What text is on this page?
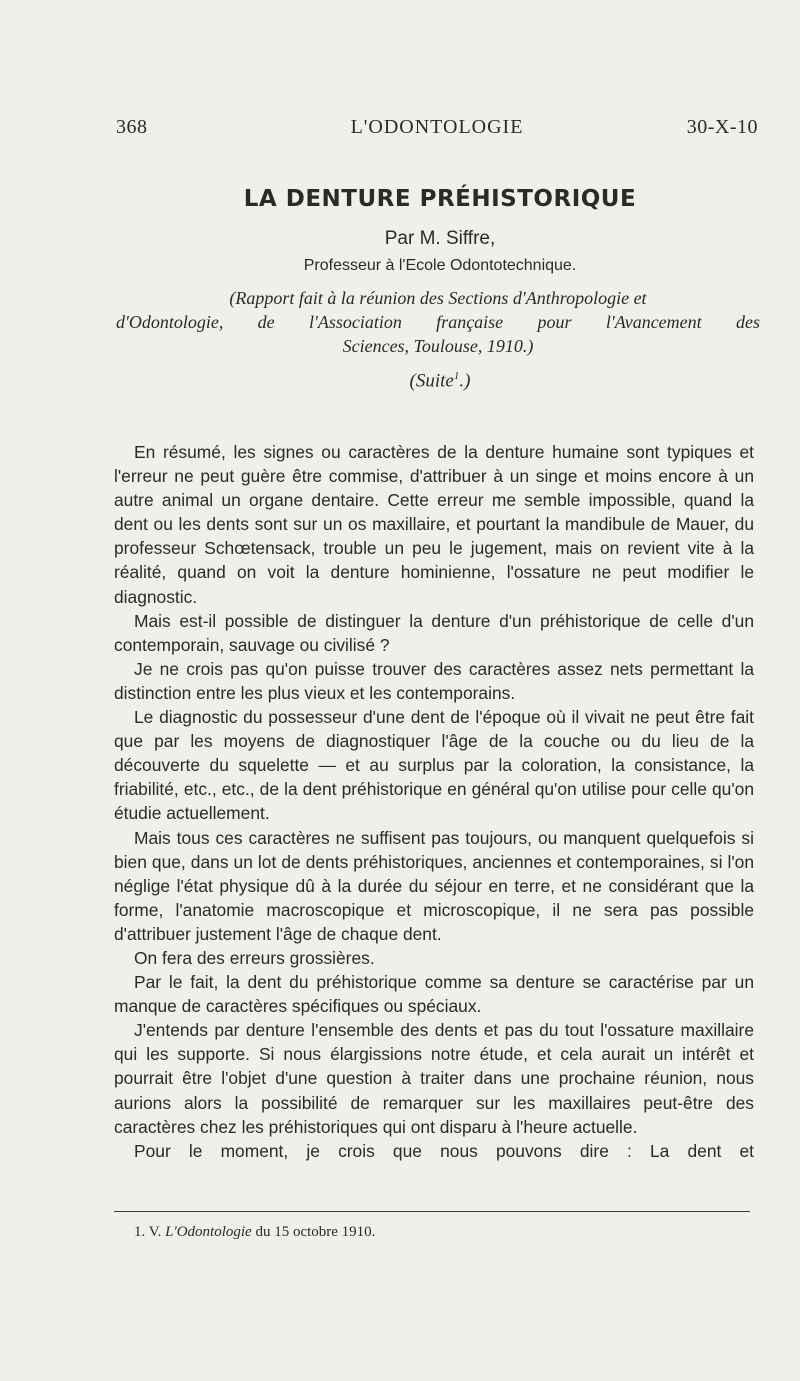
368	L'ODONTOLOGIE	30-X-10
LA DENTURE PRÉHISTORIQUE
Par M. Siffre,
Professeur à l'Ecole Odontotechnique.
(Rapport fait à la réunion des Sections d'Anthropologie et
d'Odontologie, de l'Association française pour l'Avancement des
Sciences, Toulouse, 1910.)
(Suite$^1$.)

En résumé, les signes ou caractères de la denture humaine sont typiques et l'erreur ne peut guère être commise, d'attribuer à un singe et moins encore à un autre animal un organe dentaire. Cette erreur me semble impossible, quand la dent ou les dents sont sur un os maxillaire, et pourtant la mandibule de Mauer, du professeur Schœtensack, trouble un peu le jugement, mais on revient vite à la réalité, quand on voit la denture hominienne, l'ossature ne peut modifier le diagnostic.

Mais est-il possible de distinguer la denture d'un préhistorique de celle d'un contemporain, sauvage ou civilisé ?

Je ne crois pas qu'on puisse trouver des caractères assez nets permettant la distinction entre les plus vieux et les contemporains.

Le diagnostic du possesseur d'une dent de l'époque où il vivait ne peut être fait que par les moyens de diagnostiquer l'âge de la couche ou du lieu de la découverte du squelette — et au surplus par la coloration, la consistance, la friabilité, etc., etc., de la dent préhistorique en général qu'on utilise pour celle qu'on étudie actuellement.

Mais tous ces caractères ne suffisent pas toujours, ou manquent quelquefois si bien que, dans un lot de dents préhistoriques, anciennes et contemporaines, si l'on néglige l'état physique dû à la durée du séjour en terre, et ne considérant que la forme, l'anatomie macroscopique et microscopique, il ne sera pas possible d'attribuer justement l'âge de chaque dent.

On fera des erreurs grossières.

Par le fait, la dent du préhistorique comme sa denture se caractérise par un manque de caractères spécifiques ou spéciaux.

J'entends par denture l'ensemble des dents et pas du tout l'ossature maxillaire qui les supporte. Si nous élargissions notre étude, et cela aurait un intérêt et pourrait être l'objet d'une question à traiter dans une prochaine réunion, nous aurions alors la possibilité de remarquer sur les maxillaires peut-être des caractères chez les préhistoriques qui ont disparu à l'heure actuelle.

Pour le moment, je crois que nous pouvons dire : La dent et

1. V. L'Odontologie du 15 octobre 1910.
